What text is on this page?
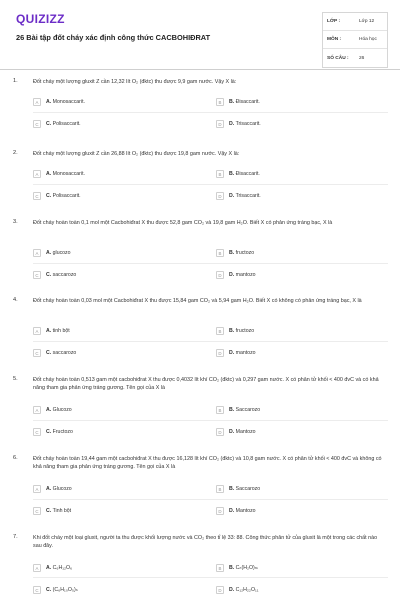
QUIZIZZ
26 Bài tập đốt cháy xác định công thức CACBOHIĐRAT
LỚP :	Lớp 12
MÔN :	Hóa học
SỐ CÂU :	26
1.	Đốt cháy một lượng gluxit Z cần 12,32 lít O₂ (đktc) thu được 9,9 gam nước. Vậy X là:
A	A. Monosaccarit.	B	B. Đisaccarit.
C	C. Polisaccarit.	D	D. Trisaccarit.
2.	Đốt cháy một lượng gluxit Z cần 26,88 lít O₂ (đktc) thu được 19,8 gam nước. Vậy X là:
A	A. Monosaccarit.	B	B. Đisaccarit.
C	C. Polisaccarit.	D	D. Trisaccarit.
3.	Đốt cháy hoàn toàn 0,1 mol một Cacbohiđrat X thu được 52,8 gam CO₂ và 19,8 gam H₂O. Biết X có phản ứng tráng bạc, X là
A	A. glucozo	B	B. fructozo
C	C. saccarozo	D	D. mantozo
4.	Đốt cháy hoàn toàn 0,03 mol một Cacbohiđrat X thu được 15,84 gam CO₂ và 5,94 gam H₂O. Biết X có không có phản ứng tráng bạc, X là
A	A. tinh bột	B	B. fructozo
C	C. saccarozo	D	D. mantozo
5.	Đốt cháy hoàn toàn 0,513 gam một cacbohiđrat X thu được 0,4032 lít khí CO₂ (đktc) và 0,297 gam nước. X có phân tử khối < 400 đvC và có khả năng tham gia phản ứng tráng gương. Tên gọi của X là
A	A. Glucozo	B	B. Saccarozo
C	C. Fructozo	D	D. Mantozo
6.	Đốt cháy hoàn toàn 19,44 gam một cacbohiđrat X thu được 16,128 lít khí CO₂ (đktc) và 10,8 gam nước. X có phân tử khối < 400 đvC và không có khả năng tham gia phản ứng tráng gương. Tên gọi của X là
A	A. Glucozo	B	B. Saccarozo
C	C. Tinh bột	D	D. Mantozo
7.	Khi đốt cháy một loại gluxit, người ta thu được khối lượng nước và CO₂ theo tỉ lệ 33: 88. Công thức phân tử của gluxit là một trong các chất nào sau đây.
A	A. C₆H₁₂O₆	B	B. Cₙ(H₂O)ₘ
C	C. (C₆H₁₀O₅)ₙ	D	D. C₁₂H₂₂O₁₁
